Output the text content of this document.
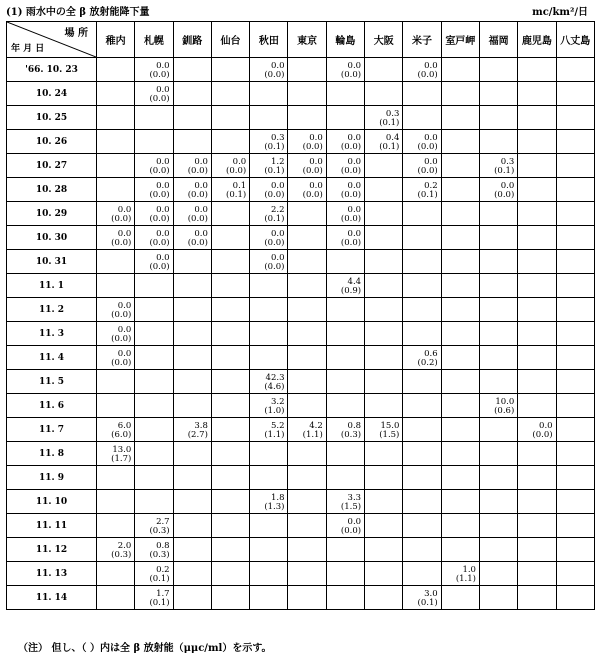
(1) 雨水中の全 β 放射能降下量	mc/km²/日
場 所
年 月 日	稚内	札幌	釧路	仙台	秋田	東京	輪島	大阪	米子	室戸岬	福岡	鹿児島	八丈島
'66. 10. 23		0.0
(0.0)			0.0
(0.0)		0.0
(0.0)		0.0
(0.0)				

10. 24		0.0
(0.0)											

10. 25								0.3
(0.1)					

10. 26					0.3
(0.1)	0.0
(0.0)	0.0
(0.0)	0.4
(0.1)	0.0
(0.0)				

10. 27		0.0
(0.0)	0.0
(0.0)	0.0
(0.0)	1.2
(0.1)	0.0
(0.0)	0.0
(0.0)		0.0
(0.0)		0.3
(0.1)		

10. 28		0.0
(0.0)	0.0
(0.0)	0.1
(0.1)	0.0
(0.0)	0.0
(0.0)	0.0
(0.0)		0.2
(0.1)		0.0
(0.0)		

10. 29	0.0
(0.0)	0.0
(0.0)	0.0
(0.0)		2.2
(0.1)		0.0
(0.0)						

10. 30	0.0
(0.0)	0.0
(0.0)	0.0
(0.0)		0.0
(0.0)		0.0
(0.0)						

10. 31		0.0
(0.0)			0.0
(0.0)								

11. 1							4.4
(0.9)						

11. 2	0.0
(0.0)												

11. 3	0.0
(0.0)												

11. 4	0.0
(0.0)								0.6
(0.2)				

11. 5					42.3
(4.6)								

11. 6					3.2
(1.0)						10.0
(0.6)		

11. 7	6.0
(6.0)		3.8
(2.7)		5.2
(1.1)	4.2
(1.1)	0.8
(0.3)	15.0
(1.5)				0.0
(0.0)	

11. 8	13.0
(1.7)												

11. 9													
11. 10					1.8
(1.3)		3.3
(1.5)						

11. 11		2.7
(0.3)					0.0
(0.0)						

11. 12	2.0
(0.3)	0.8
(0.3)											

11. 13		0.2
(0.1)								1.0
(1.1)			

11. 14		1.7
(0.1)							3.0
(0.1)				

（注） 但し、（ ）内は全 β 放射能（μμc/ml）を示す。
